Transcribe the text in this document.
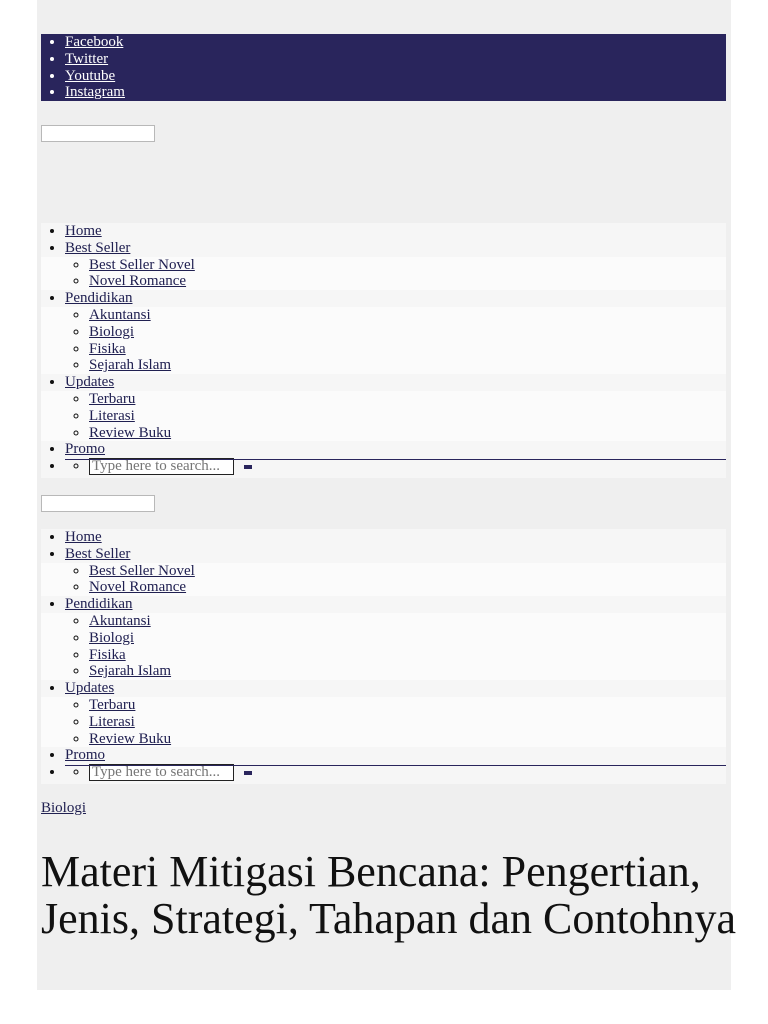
• Facebook
• Twitter
• Youtube
• Instagram
• Home
• Best Seller
◦ Best Seller Novel
◦ Novel Romance
• Pendidikan
◦ Akuntansi
◦ Biologi
◦ Fisika
◦ Sejarah Islam
• Updates
◦ Terbaru
◦ Literasi
◦ Review Buku
• Promo
•
◦ Type here to search...
• Home
• Best Seller
◦ Best Seller Novel
◦ Novel Romance
• Pendidikan
◦ Akuntansi
◦ Biologi
◦ Fisika
◦ Sejarah Islam
• Updates
◦ Terbaru
◦ Literasi
◦ Review Buku
• Promo
•
◦ Type here to search...
Biologi
Materi Mitigasi Bencana: Pengertian, Jenis, Strategi, Tahapan dan Contohnya
